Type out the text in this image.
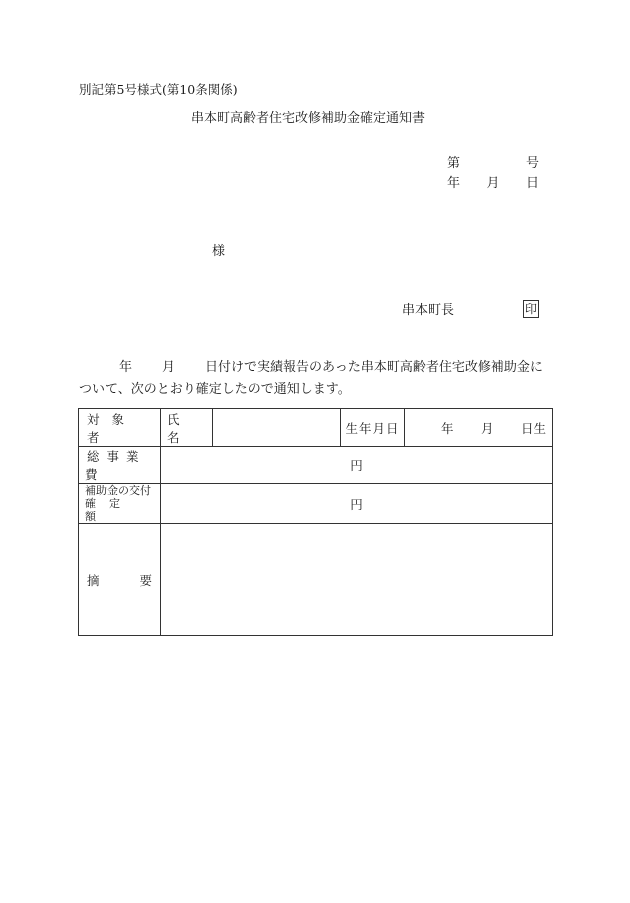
別記第5号様式(第10条関係)
串本町高齢者住宅改修補助金確定通知書
第	号
年 月 日
様
串本町長	印
年 月 日付けで実績報告のあった串本町高齢者住宅改修補助金に
ついて、次のとおり確定したので通知します。
対象者	氏名		生年月日	年 月 日生

総事業費	円			

補助金の交付
確定額	円			

摘 要				
